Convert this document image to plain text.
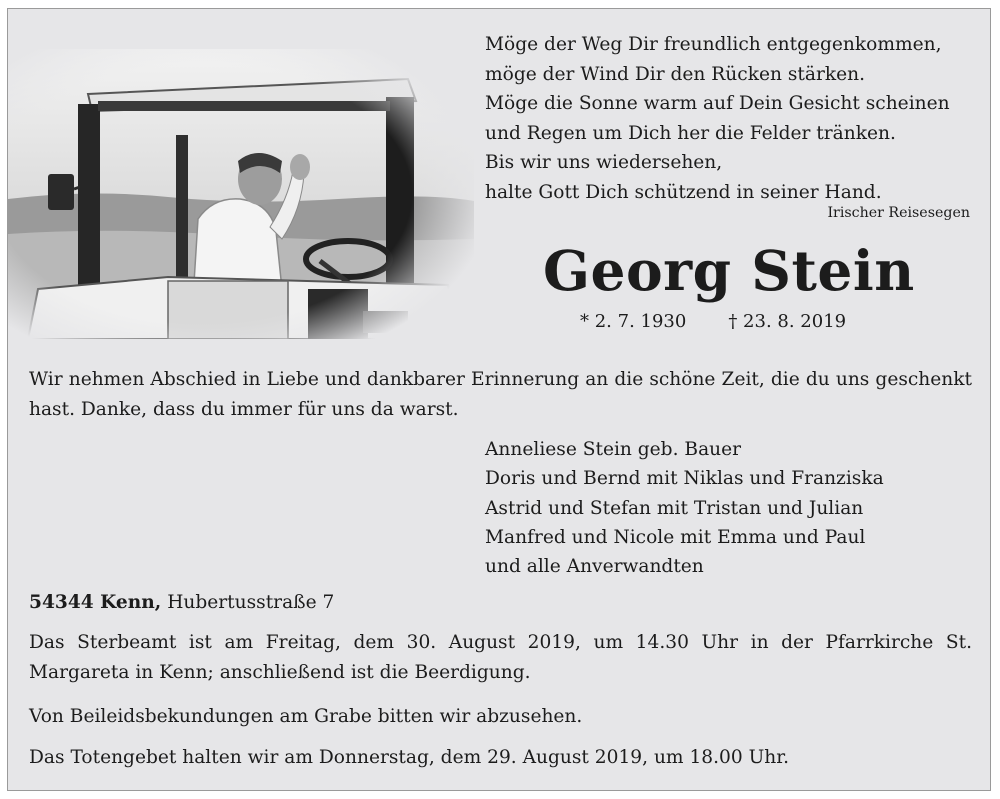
Möge der Weg Dir freundlich entgegenkommen,
möge der Wind Dir den Rücken stärken.
Möge die Sonne warm auf Dein Gesicht scheinen
und Regen um Dich her die Felder tränken.
Bis wir uns wiedersehen,
halte Gott Dich schützend in seiner Hand.
Irischer Reisesegen
Georg Stein
* 2. 7. 1930 † 23. 8. 2019
Wir nehmen Abschied in Liebe und dankbarer Erinnerung an die schöne Zeit, die du uns geschenkt hast. Danke, dass du immer für uns da warst.
Anneliese Stein geb. Bauer
Doris und Bernd mit Niklas und Franziska
Astrid und Stefan mit Tristan und Julian
Manfred und Nicole mit Emma und Paul
und alle Anverwandten
54344 Kenn, Hubertusstraße 7
Das Sterbeamt ist am Freitag, dem 30. August 2019, um 14.30 Uhr in der Pfarrkirche St. Margareta in Kenn; anschließend ist die Beerdigung.
Von Beileidsbekundungen am Grabe bitten wir abzusehen.
Das Totengebet halten wir am Donnerstag, dem 29. August 2019, um 18.00 Uhr.
